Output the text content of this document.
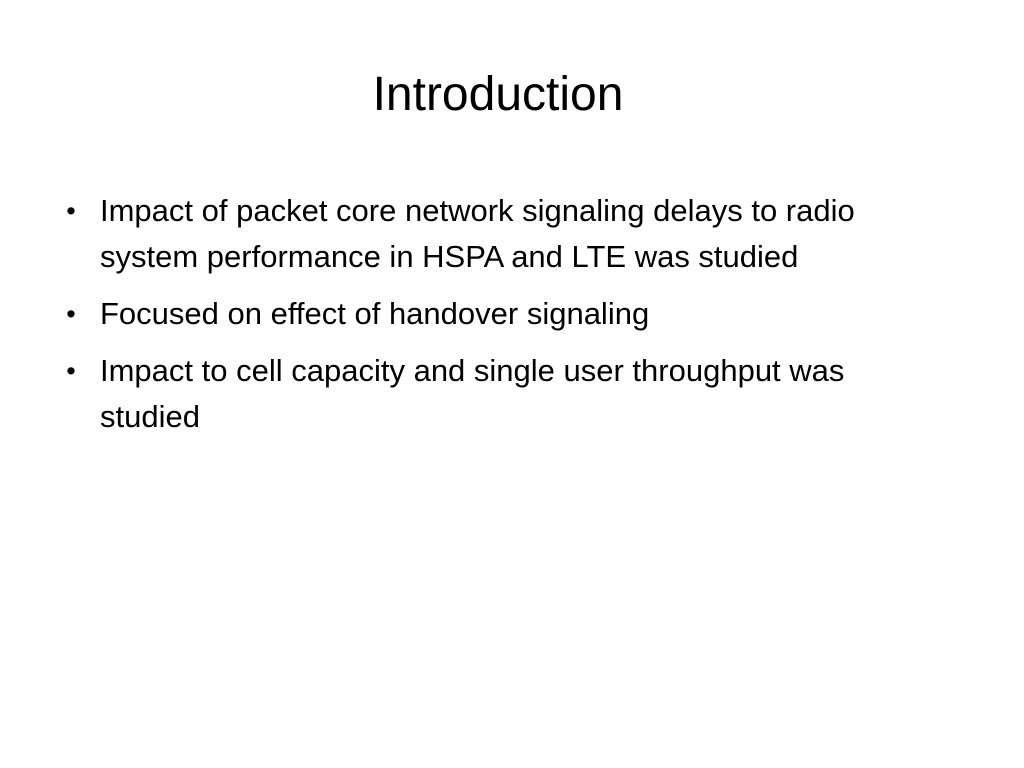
Introduction
• Impact of packet core network signaling delays to radio system performance in HSPA and LTE was studied
• Focused on effect of handover signaling
• Impact to cell capacity and single user throughput was studied
